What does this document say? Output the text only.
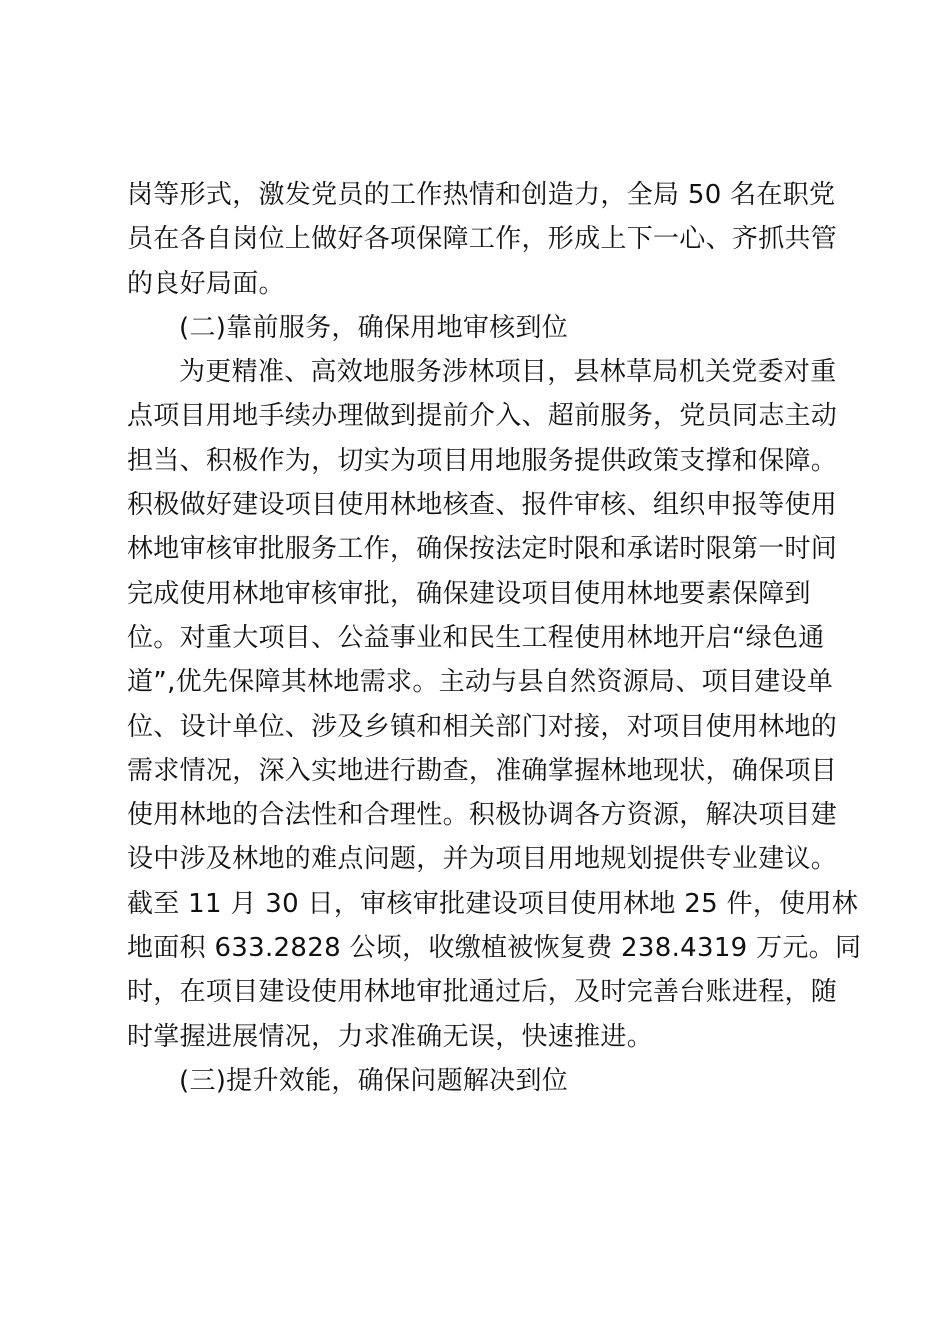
岗等形式，激发党员的工作热情和创造力，全局 50 名在职党
员在各自岗位上做好各项保障工作，形成上下一心、齐抓共管
的良好局面。
(二)靠前服务，确保用地审核到位
为更精准、高效地服务涉林项目，县林草局机关党委对重
点项目用地手续办理做到提前介入、超前服务，党员同志主动
担当、积极作为，切实为项目用地服务提供政策支撑和保障。
积极做好建设项目使用林地核查、报件审核、组织申报等使用
林地审核审批服务工作，确保按法定时限和承诺时限第一时间
完成使用林地审核审批，确保建设项目使用林地要素保障到
位。对重大项目、公益事业和民生工程使用林地开启“绿色通
道”,优先保障其林地需求。主动与县自然资源局、项目建设单
位、设计单位、涉及乡镇和相关部门对接，对项目使用林地的
需求情况，深入实地进行勘查，准确掌握林地现状，确保项目
使用林地的合法性和合理性。积极协调各方资源，解决项目建
设中涉及林地的难点问题，并为项目用地规划提供专业建议。
截至 11 月 30 日，审核审批建设项目使用林地 25 件，使用林
地面积 633.2828 公顷，收缴植被恢复费 238.4319 万元。同
时，在项目建设使用林地审批通过后，及时完善台账进程，随
时掌握进展情况，力求准确无误，快速推进。
(三)提升效能，确保问题解决到位
